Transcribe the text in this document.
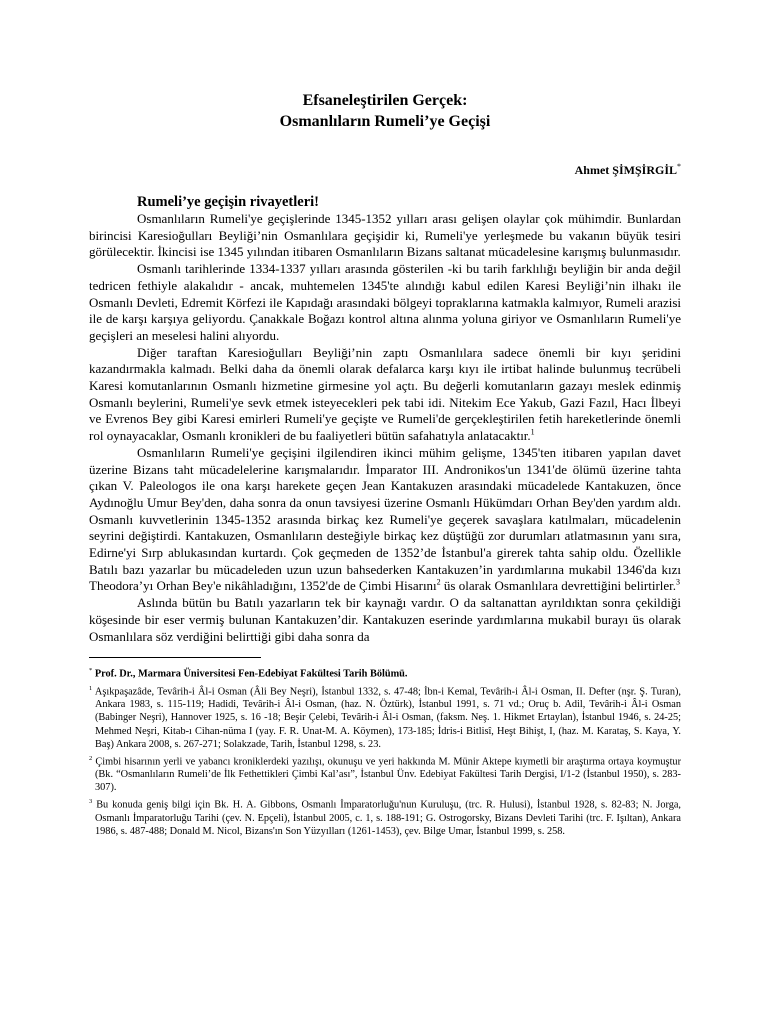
Efsaneleştirilen Gerçek:

Osmanlıların Rumeli’ye Geçişi

Ahmet ŞİMŞİRGİL*
Rumeli’ye geçişin rivayetleri!

Osmanlıların Rumeli'ye geçişlerinde 1345-1352 yılları arası gelişen olaylar çok mühimdir. Bunlardan birincisi Karesioğulları Beyliği’nin Osmanlılara geçişidir ki, Rumeli'ye yerleşmede bu vakanın büyük tesiri görülecektir. İkincisi ise 1345 yılından itibaren Osmanlıların Bizans saltanat mücadelesine karışmış bulunmasıdır.

Osmanlı tarihlerinde 1334-1337 yılları arasında gösterilen -ki bu tarih farklılığı beyliğin bir anda değil tedricen fethiyle alakalıdır - ancak, muhtemelen 1345'te alındığı kabul edilen Karesi Beyliği’nin ilhakı ile Osmanlı Devleti, Edremit Körfezi ile Kapıdağı arasındaki bölgeyi topraklarına katmakla kalmıyor, Rumeli arazisi ile de karşı karşıya geliyordu. Çanakkale Boğazı kontrol altına alınma yoluna giriyor ve Osmanlıların Rumeli'ye geçişleri an meselesi halini alıyordu.

Diğer taraftan Karesioğulları Beyliği’nin zaptı Osmanlılara sadece önemli bir kıyı şeridini kazandırmakla kalmadı. Belki daha da önemli olarak defalarca karşı kıyı ile irtibat halinde bulunmuş tecrübeli Karesi komutanlarının Osmanlı hizmetine girmesine yol açtı. Bu değerli komutanların gazayı meslek edinmiş Osmanlı beylerini, Rumeli'ye sevk etmek isteyecekleri pek tabi idi. Nitekim Ece Yakub, Gazi Fazıl, Hacı İlbeyi ve Evrenos Bey gibi Karesi emirleri Rumeli'ye geçişte ve Rumeli'de gerçekleştirilen fetih hareketlerinde önemli rol oynayacaklar, Osmanlı kronikleri de bu faaliyetleri bütün safahatıyla anlatacaktır.$^1$

Osmanlıların Rumeli'ye geçişini ilgilendiren ikinci mühim gelişme, 1345'ten itibaren yapılan davet üzerine Bizans taht mücadelelerine karışmalarıdır. İmparator III. Andronikos'un 1341'de ölümü üzerine tahta çıkan V. Paleologos ile ona karşı harekete geçen Jean Kantakuzen arasındaki mücadelede Kantakuzen, önce Aydınoğlu Umur Bey'den, daha sonra da onun tavsiyesi üzerine Osmanlı Hükümdarı Orhan Bey'den yardım aldı. Osmanlı kuvvetlerinin 1345-1352 arasında birkaç kez Rumeli'ye geçerek savaşlara katılmaları, mücadelenin seyrini değiştirdi. Kantakuzen, Osmanlıların desteğiyle birkaç kez düştüğü zor durumları atlatmasının yanı sıra, Edirne'yi Sırp ablukasından kurtardı. Çok geçmeden de 1352’de İstanbul'a girerek tahta sahip oldu. Özellikle Batılı bazı yazarlar bu mücadeleden uzun uzun bahsederken Kantakuzen’in yardımlarına mukabil 1346'da kızı Theodora’yı Orhan Bey'e nikâhladığını, 1352'de de Çimbi Hisarını$^2$ üs olarak Osmanlılara devrettiğini belirtirler.$^3$

Aslında bütün bu Batılı yazarların tek bir kaynağı vardır. O da saltanattan ayrıldıktan sonra çekildiği köşesinde bir eser vermiş bulunan Kantakuzen’dir. Kantakuzen eserinde yardımlarına mukabil burayı üs olarak Osmanlılara söz verdiğini belirttiği gibi daha sonra da

* Prof. Dr., Marmara Üniversitesi Fen-Edebiyat Fakültesi Tarih Bölümü.

$^1$ Aşıkpaşazâde, Tevârih-i Âl-i Osman (Âli Bey Neşri), İstanbul 1332, s. 47-48; İbn-i Kemal, Tevârih-i Âl-i Osman, II. Defter (nşr. Ş. Turan), Ankara 1983, s. 115-119; Hadidi, Tevârih-i Âl-i Osman, (haz. N. Öztürk), İstanbul 1991, s. 71 vd.; Oruç b. Adil, Tevârih-i Âl-i Osman (Babinger Neşri), Hannover 1925, s. 16 -18; Beşir Çelebi, Tevârih-i Âl-i Osman, (faksm. Neş. 1. Hikmet Ertaylan), İstanbul 1946, s. 24-25; Mehmed Neşri, Kitab-ı Cihan-nüma I (yay. F. R. Unat-M. A. Köymen), 173-185; İdris-i Bitlisî, Heşt Bihişt, I, (haz. M. Karataş, S. Kaya, Y. Baş) Ankara 2008, s. 267-271; Solakzade, Tarih, İstanbul 1298, s. 23.

$^2$ Çimbi hisarının yerli ve yabancı kroniklerdeki yazılışı, okunuşu ve yeri hakkında M. Münir Aktepe kıymetli bir araştırma ortaya koymuştur (Bk. “Osmanlıların Rumeli’de İlk Fethettikleri Çimbi Kal’ası”, İstanbul Ünv. Edebiyat Fakültesi Tarih Dergisi, I/1-2 (İstanbul 1950), s. 283-307).

$^3$ Bu konuda geniş bilgi için Bk. H. A. Gibbons, Osmanlı İmparatorluğu'nun Kuruluşu, (trc. R. Hulusi), İstanbul 1928, s. 82-83; N. Jorga, Osmanlı İmparatorluğu Tarihi (çev. N. Epçeli), İstanbul 2005, c. 1, s. 188-191; G. Ostrogorsky, Bizans Devleti Tarihi (trc. F. Işıltan), Ankara 1986, s. 487-488; Donald M. Nicol, Bizans'ın Son Yüzyılları (1261-1453), çev. Bilge Umar, İstanbul 1999, s. 258.
